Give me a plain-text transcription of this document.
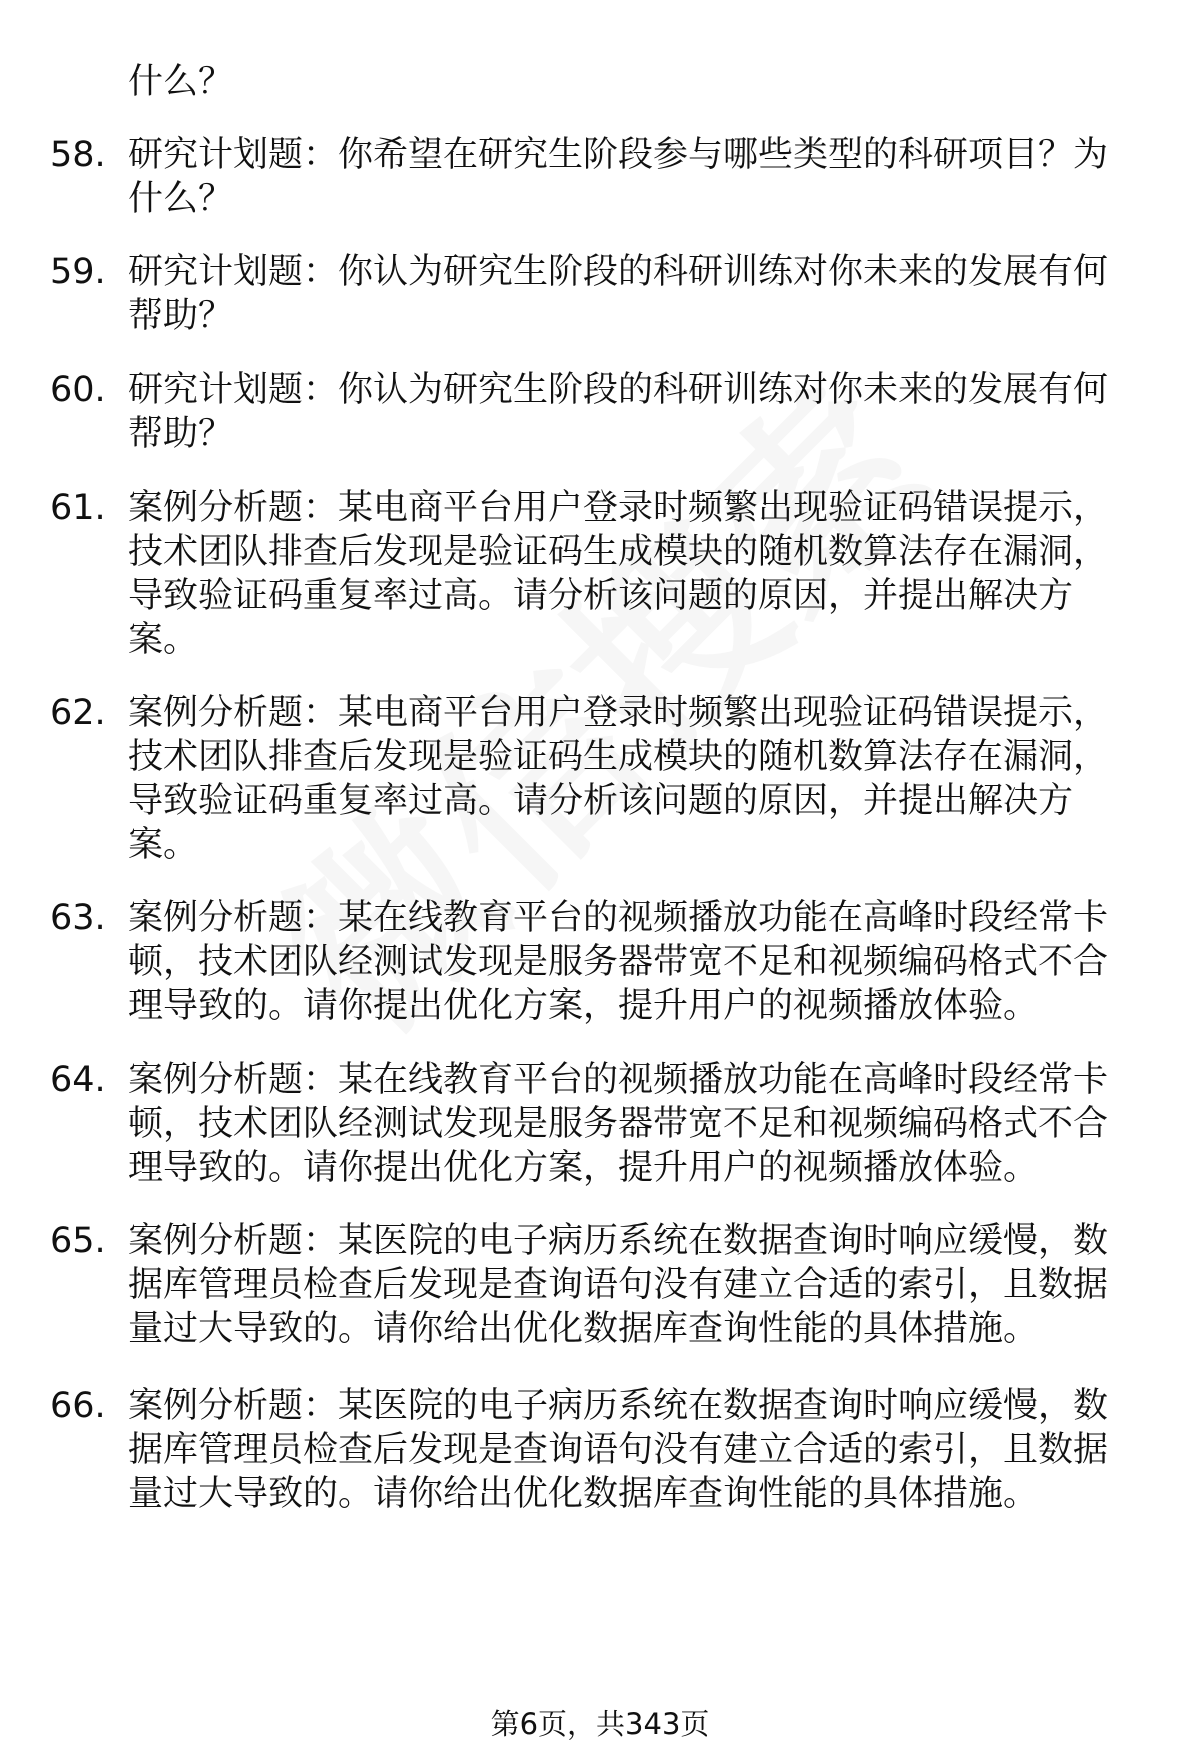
什么？
58. 研究计划题：你希望在研究生阶段参与哪些类型的科研项目？为
什么？
59. 研究计划题：你认为研究生阶段的科研训练对你未来的发展有何
帮助？
60. 研究计划题：你认为研究生阶段的科研训练对你未来的发展有何
帮助？
61. 案例分析题：某电商平台用户登录时频繁出现验证码错误提示，
技术团队排查后发现是验证码生成模块的随机数算法存在漏洞，
导致验证码重复率过高。请分析该问题的原因，并提出解决方
案。
62. 案例分析题：某电商平台用户登录时频繁出现验证码错误提示，
技术团队排查后发现是验证码生成模块的随机数算法存在漏洞，
导致验证码重复率过高。请分析该问题的原因，并提出解决方
案。
63. 案例分析题：某在线教育平台的视频播放功能在高峰时段经常卡
顿，技术团队经测试发现是服务器带宽不足和视频编码格式不合
理导致的。请你提出优化方案，提升用户的视频播放体验。
64. 案例分析题：某在线教育平台的视频播放功能在高峰时段经常卡
顿，技术团队经测试发现是服务器带宽不足和视频编码格式不合
理导致的。请你提出优化方案，提升用户的视频播放体验。
65. 案例分析题：某医院的电子病历系统在数据查询时响应缓慢，数
据库管理员检查后发现是查询语句没有建立合适的索引，且数据
量过大导致的。请你给出优化数据库查询性能的具体措施。
66. 案例分析题：某医院的电子病历系统在数据查询时响应缓慢，数
据库管理员检查后发现是查询语句没有建立合适的索引，且数据
量过大导致的。请你给出优化数据库查询性能的具体措施。
第6页，共343页
